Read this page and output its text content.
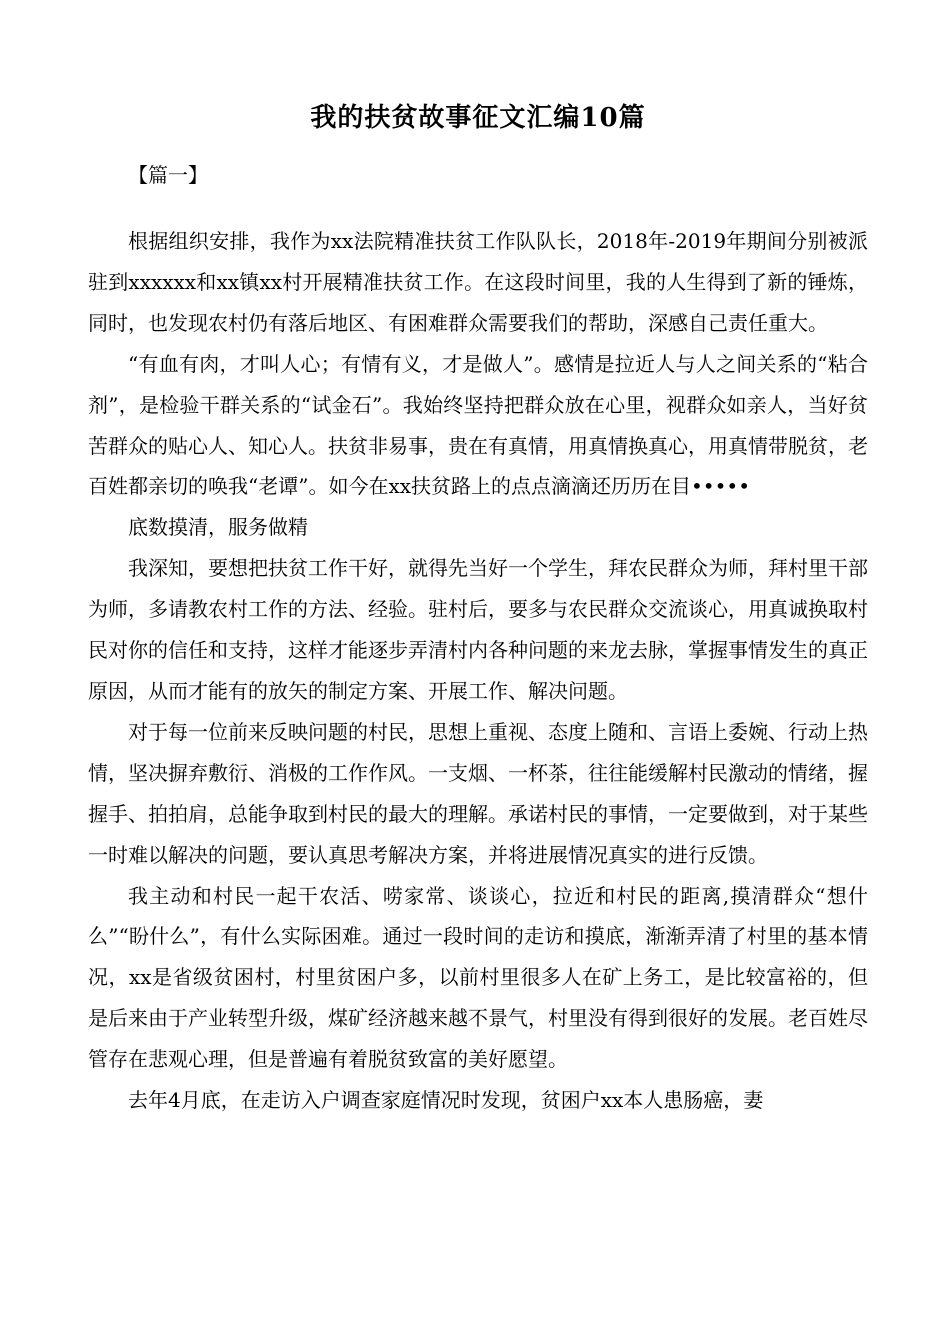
我的扶贫故事征文汇编10篇
【篇一】

根据组织安排，我作为xx法院精准扶贫工作队队长，2018年-2019年期间分别被派驻到xxxxxx和xx镇xx村开展精准扶贫工作。在这段时间里，我的人生得到了新的锤炼，同时，也发现农村仍有落后地区、有困难群众需要我们的帮助，深感自己责任重大。

“有血有肉，才叫人心；有情有义，才是做人”。感情是拉近人与人之间关系的“粘合剂”，是检验干群关系的“试金石”。我始终坚持把群众放在心里，视群众如亲人，当好贫苦群众的贴心人、知心人。扶贫非易事，贵在有真情，用真情换真心，用真情带脱贫，老百姓都亲切的唤我“老谭”。如今在xx扶贫路上的点点滴滴还历历在目•••••

底数摸清，服务做精

我深知，要想把扶贫工作干好，就得先当好一个学生，拜农民群众为师，拜村里干部为师，多请教农村工作的方法、经验。驻村后，要多与农民群众交流谈心，用真诚换取村民对你的信任和支持，这样才能逐步弄清村内各种问题的来龙去脉，掌握事情发生的真正原因，从而才能有的放矢的制定方案、开展工作、解决问题。

对于每一位前来反映问题的村民，思想上重视、态度上随和、言语上委婉、行动上热情，坚决摒弃敷衍、消极的工作作风。一支烟、一杯茶，往往能缓解村民激动的情绪，握握手、拍拍肩，总能争取到村民的最大的理解。承诺村民的事情，一定要做到，对于某些一时难以解决的问题，要认真思考解决方案，并将进展情况真实的进行反馈。

我主动和村民一起干农活、唠家常、谈谈心，拉近和村民的距离,摸清群众“想什么”“盼什么”，有什么实际困难。通过一段时间的走访和摸底，渐渐弄清了村里的基本情况，xx是省级贫困村，村里贫困户多，以前村里很多人在矿上务工，是比较富裕的，但是后来由于产业转型升级，煤矿经济越来越不景气，村里没有得到很好的发展。老百姓尽管存在悲观心理，但是普遍有着脱贫致富的美好愿望。

去年4月底，在走访入户调查家庭情况时发现，贫困户xx本人患肠癌，妻
